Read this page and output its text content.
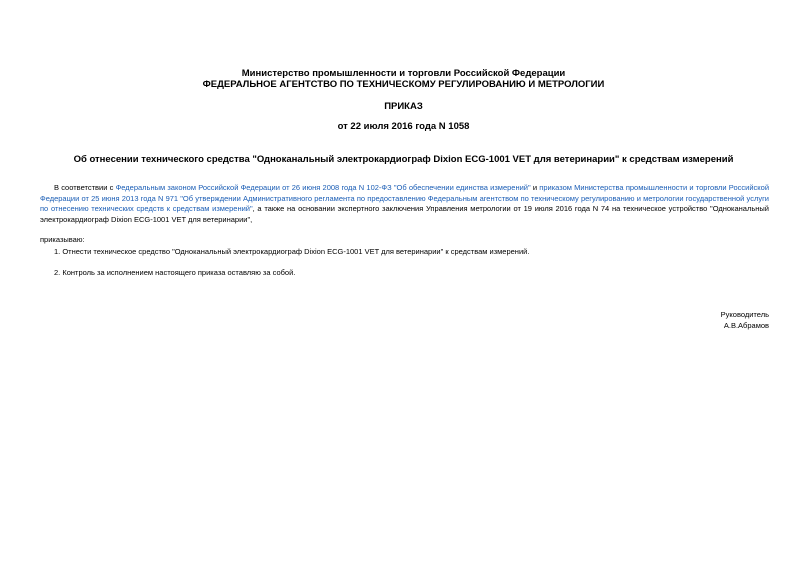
Министерство промышленности и торговли Российской Федерации
ФЕДЕРАЛЬНОЕ АГЕНТСТВО ПО ТЕХНИЧЕСКОМУ РЕГУЛИРОВАНИЮ И МЕТРОЛОГИИ
ПРИКАЗ
от 22 июля 2016 года N 1058
Об отнесении технического средства "Одноканальный электрокардиограф Dixion ECG-1001 VET для ветеринарии" к средствам измерений
В соответствии с Федеральным законом Российской Федерации от 26 июня 2008 года N 102-ФЗ "Об обеспечении единства измерений" и приказом Министерства промышленности и торговли Российской Федерации от 25 июня 2013 года N 971 "Об утверждении Административного регламента по предоставлению Федеральным агентством по техническому регулированию и метрологии государственной услуги по отнесению технических средств к средствам измерений", а также на основании экспертного заключения Управления метрологии от 19 июля 2016 года N 74 на техническое устройство "Одноканальный электрокардиограф Dixion ECG-1001 VET для ветеринарии",
приказываю:
1. Отнести техническое средство "Одноканальный электрокардиограф Dixion ECG-1001 VET для ветеринарии" к средствам измерений.
2. Контроль за исполнением настоящего приказа оставляю за собой.
Руководитель
А.В.Абрамов
